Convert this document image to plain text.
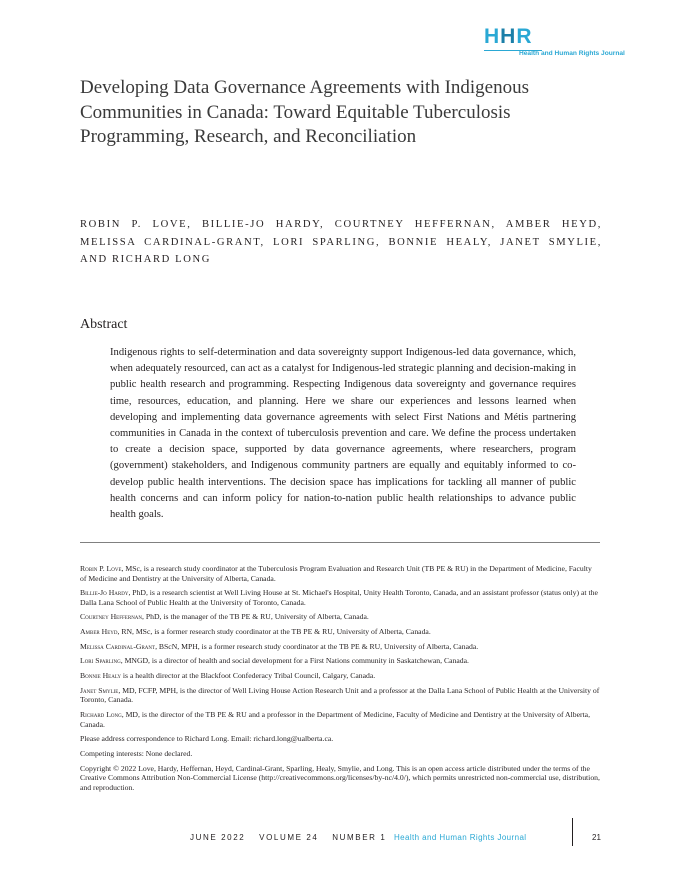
HHR
Health and Human Rights Journal
Developing Data Governance Agreements with Indigenous Communities in Canada: Toward Equitable Tuberculosis Programming, Research, and Reconciliation

ROBIN P. LOVE, BILLIE-JO HARDY, COURTNEY HEFFERNAN, AMBER HEYD, MELISSA CARDINAL-GRANT, LORI SPARLING, BONNIE HEALY, JANET SMYLIE, AND RICHARD LONG

Abstract

Indigenous rights to self-determination and data sovereignty support Indigenous-led data governance, which, when adequately resourced, can act as a catalyst for Indigenous-led strategic planning and decision-making in public health research and programming. Respecting Indigenous data sovereignty and governance requires time, resources, education, and planning. Here we share our experiences and lessons learned when developing and implementing data governance agreements with select First Nations and Métis partnering communities in Canada in the context of tuberculosis prevention and care. We define the process undertaken to create a decision space, supported by data governance agreements, where researchers, program (government) stakeholders, and Indigenous community partners are equally and equitably informed to co-develop public health interventions. The decision space has implications for tackling all manner of public health concerns and can inform policy for nation-to-nation public health relationships to advance public health goals.

Robin P. Love, MSc, is a research study coordinator at the Tuberculosis Program Evaluation and Research Unit (TB PE & RU) in the Department of Medicine, Faculty of Medicine and Dentistry at the University of Alberta, Canada.

Billie-Jo Hardy, PhD, is a research scientist at Well Living House at St. Michael's Hospital, Unity Health Toronto, Canada, and an assistant professor (status only) at the Dalla Lana School of Public Health at the University of Toronto, Canada.

Courtney Heffernan, PhD, is the manager of the TB PE & RU, University of Alberta, Canada.

Amber Heyd, RN, MSc, is a former research study coordinator at the TB PE & RU, University of Alberta, Canada.

Melissa Cardinal-Grant, BScN, MPH, is a former research study coordinator at the TB PE & RU, University of Alberta, Canada.

Lori Sparling, MNGD, is a director of health and social development for a First Nations community in Saskatchewan, Canada.

Bonnie Healy is a health director at the Blackfoot Confederacy Tribal Council, Calgary, Canada.

Janet Smylie, MD, FCFP, MPH, is the director of Well Living House Action Research Unit and a professor at the Dalla Lana School of Public Health at the University of Toronto, Canada.

Richard Long, MD, is the director of the TB PE & RU and a professor in the Department of Medicine, Faculty of Medicine and Dentistry at the University of Alberta, Canada.

Please address correspondence to Richard Long. Email: richard.long@ualberta.ca.

Competing interests: None declared.

Copyright © 2022 Love, Hardy, Heffernan, Heyd, Cardinal-Grant, Sparling, Healy, Smylie, and Long. This is an open access article distributed under the terms of the Creative Commons Attribution Non-Commercial License (http://creativecommons.org/licenses/by-nc/4.0/), which permits unrestricted non-commercial use, distribution, and reproduction.

JUNE 2022 VOLUME 24 NUMBER 1 Health and Human Rights Journal	21
